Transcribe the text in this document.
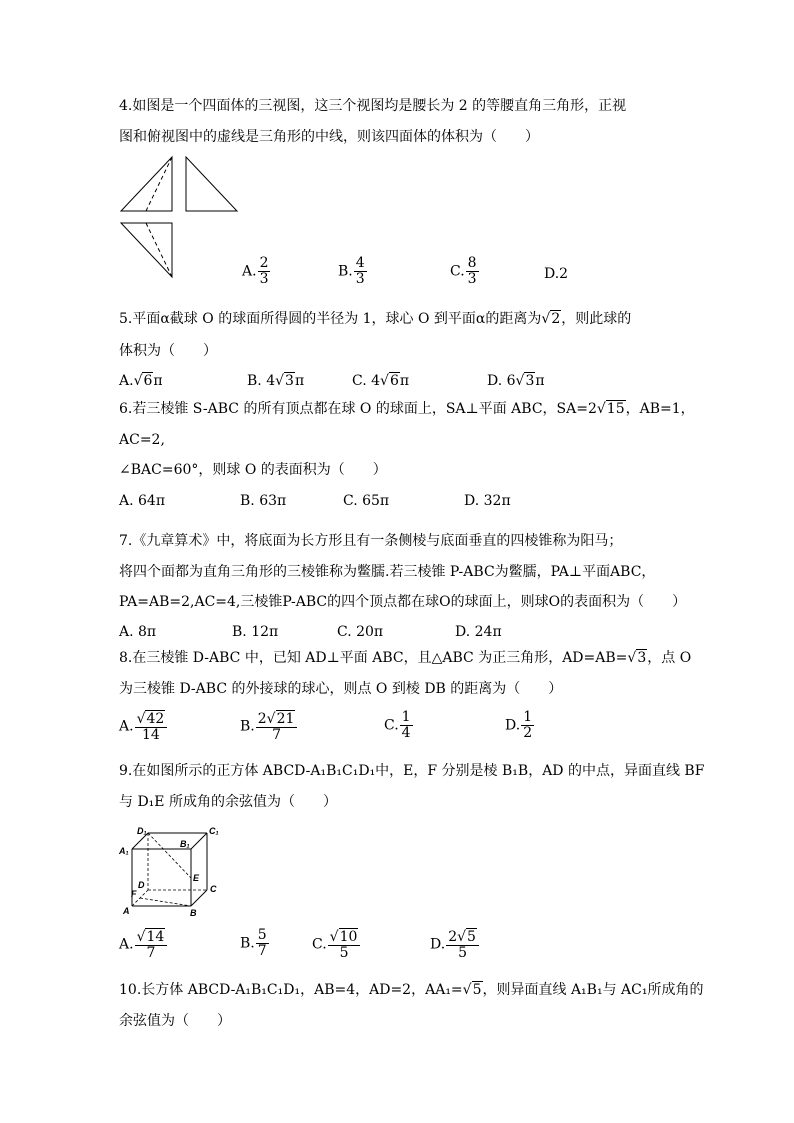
4.如图是一个四面体的三视图，这三个视图均是腰长为 2 的等腰直角三角形，正视
图和俯视图中的虚线是三角形的中线，则该四面体的体积为（　　）
A. $\frac{2}{3}$	B. $\frac{4}{3}$	C. $\frac{8}{3}$	D.2
5.平面α截球 O 的球面所得圆的半径为 1，球心 O 到平面α的距离为√2，则此球的
体积为（　　）
A.√6π	B. 4√3π	C. 4√6π	D. 6√3π
6.若三棱锥 S-ABC 的所有顶点都在球 O 的球面上，SA⊥平面 ABC，SA=2√15，AB=1，
AC=2,
∠BAC=60°，则球 O 的表面积为（　　）
A. 64π	B. 63π	C. 65π	D. 32π
7.《九章算术》中，将底面为长方形且有一条侧棱与底面垂直的四棱锥称为阳马；
将四个面都为直角三角形的三棱锥称为鳖臑.若三棱锥 P-ABC为鳖臑，PA⊥平面ABC，
PA=AB=2,AC=4,三棱锥P-ABC的四个顶点都在球O的球面上，则球O的表面积为（　　）
A. 8π	B. 12π	C. 20π	D. 24π
8.在三棱锥 D-ABC 中，已知 AD⊥平面 ABC，且△ABC 为正三角形，AD=AB=√3，点 O
为三棱锥 D-ABC 的外接球的球心，则点 O 到棱 DB 的距离为（　　）
A. $\frac{√42}{14}$	B. $\frac{2√21}{7}$	C. $\frac{1}{4}$	D. $\frac{1}{2}$
9.在如图所示的正方体 ABCD-A₁B₁C₁D₁中，E，F 分别是棱 B₁B，AD 的中点，异面直线 BF
与 D₁E 所成角的余弦值为（　　）
D₁	C₁
A₁
B₁
D
E
C
F
A	B
A. $\frac{√14}{7}$	B. $\frac{5}{7}$	C. $\frac{√10}{5}$	D. $\frac{2√5}{5}$
10.长方体 ABCD-A₁B₁C₁D₁，AB=4，AD=2，AA₁=√5，则异面直线 A₁B₁与 AC₁所成角的
余弦值为（　　）
